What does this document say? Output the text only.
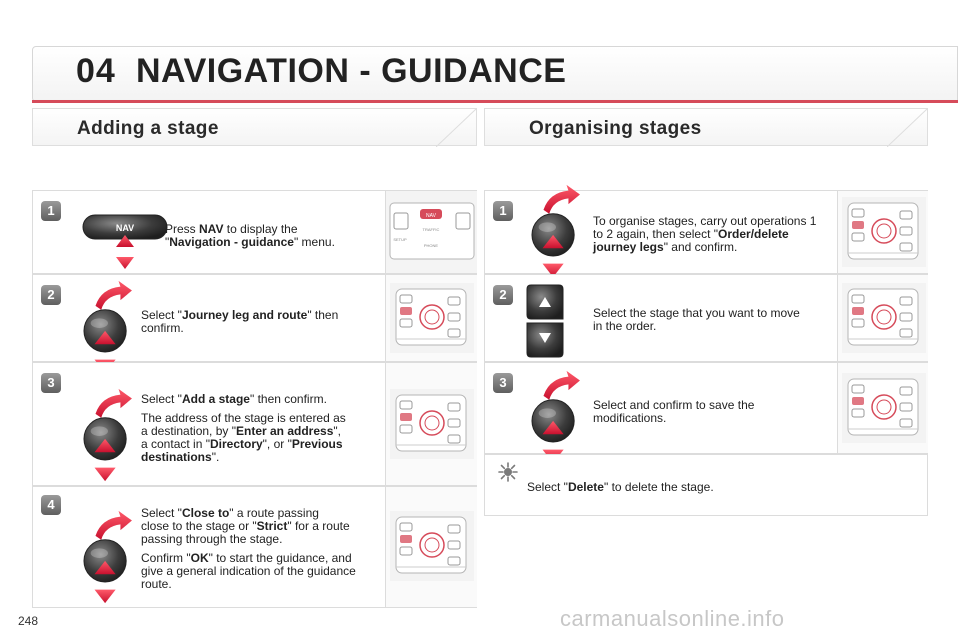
04 NAVIGATION - GUIDANCE
Adding a stage	Organising stages
1
NAV	Press NAV to display the
"Navigation - guidance" menu.
NAV
TRAFFIC
PHONE
SETUP
2
Select "Journey leg and route" then
confirm.
3

Select "Add a stage" then confirm.

The address of the stage is entered as
a destination, by "Enter an address",
a contact in "Directory", or "Previous
destinations".
4

Select "Close to" a route passing
close to the stage or "Strict" for a route
passing through the stage.

Confirm "OK" to start the guidance, and
give a general indication of the guidance
route.
1
To organise stages, carry out operations 1
to 2 again, then select "Order/delete
journey legs" and confirm.
2
Select the stage that you want to move
in the order.
3
Select and confirm to save the
modifications.
Select "Delete" to delete the stage.
248	carmanualsonline.info
